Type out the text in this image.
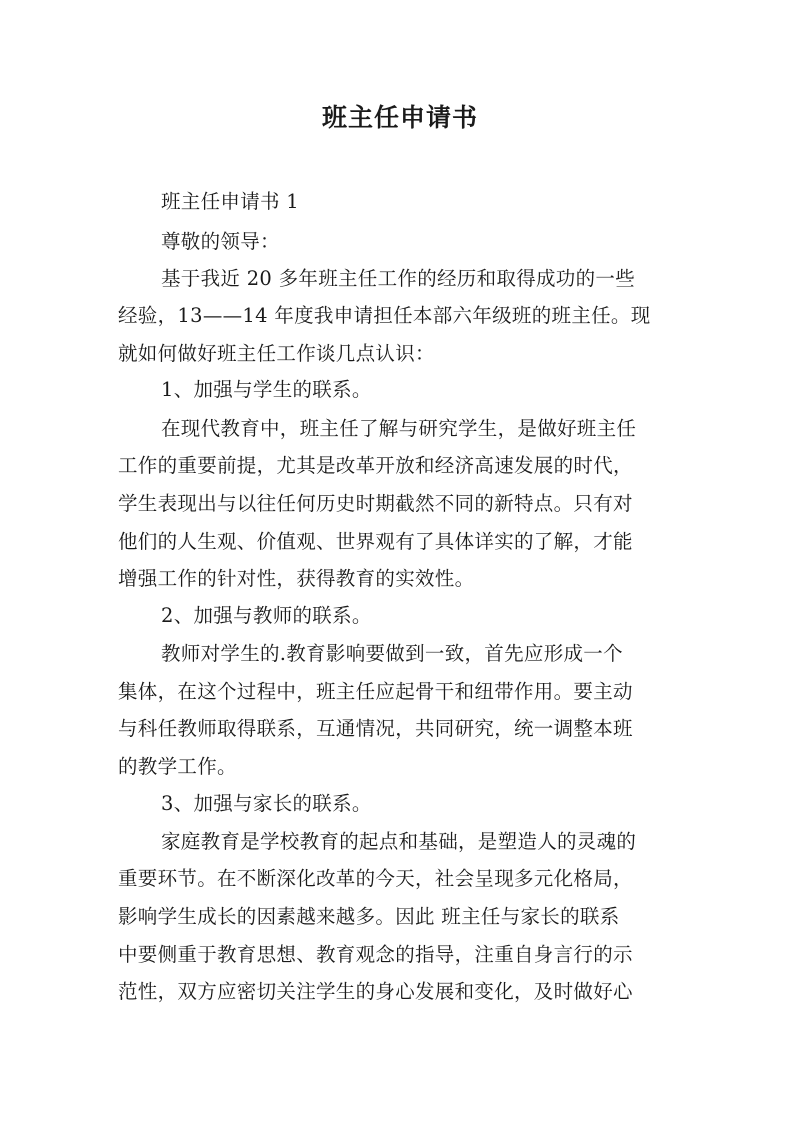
班主任申请书
班主任申请书 1
尊敬的领导：
基于我近 20 多年班主任工作的经历和取得成功的一些
经验，13——14 年度我申请担任本部六年级班的班主任。现
就如何做好班主任工作谈几点认识：
1、加强与学生的联系。
在现代教育中，班主任了解与研究学生，是做好班主任
工作的重要前提，尤其是改革开放和经济高速发展的时代，
学生表现出与以往任何历史时期截然不同的新特点。只有对
他们的人生观、价值观、世界观有了具体详实的了解，才能
增强工作的针对性，获得教育的实效性。
2、加强与教师的联系。
教师对学生的.教育影响要做到一致，首先应形成一个
集体，在这个过程中，班主任应起骨干和纽带作用。要主动
与科任教师取得联系，互通情况，共同研究，统一调整本班
的教学工作。
3、加强与家长的联系。
家庭教育是学校教育的起点和基础，是塑造人的灵魂的
重要环节。在不断深化改革的今天，社会呈现多元化格局，
影响学生成长的因素越来越多。因此 班主任与家长的联系
中要侧重于教育思想、教育观念的指导，注重自身言行的示
范性，双方应密切关注学生的身心发展和变化，及时做好心
